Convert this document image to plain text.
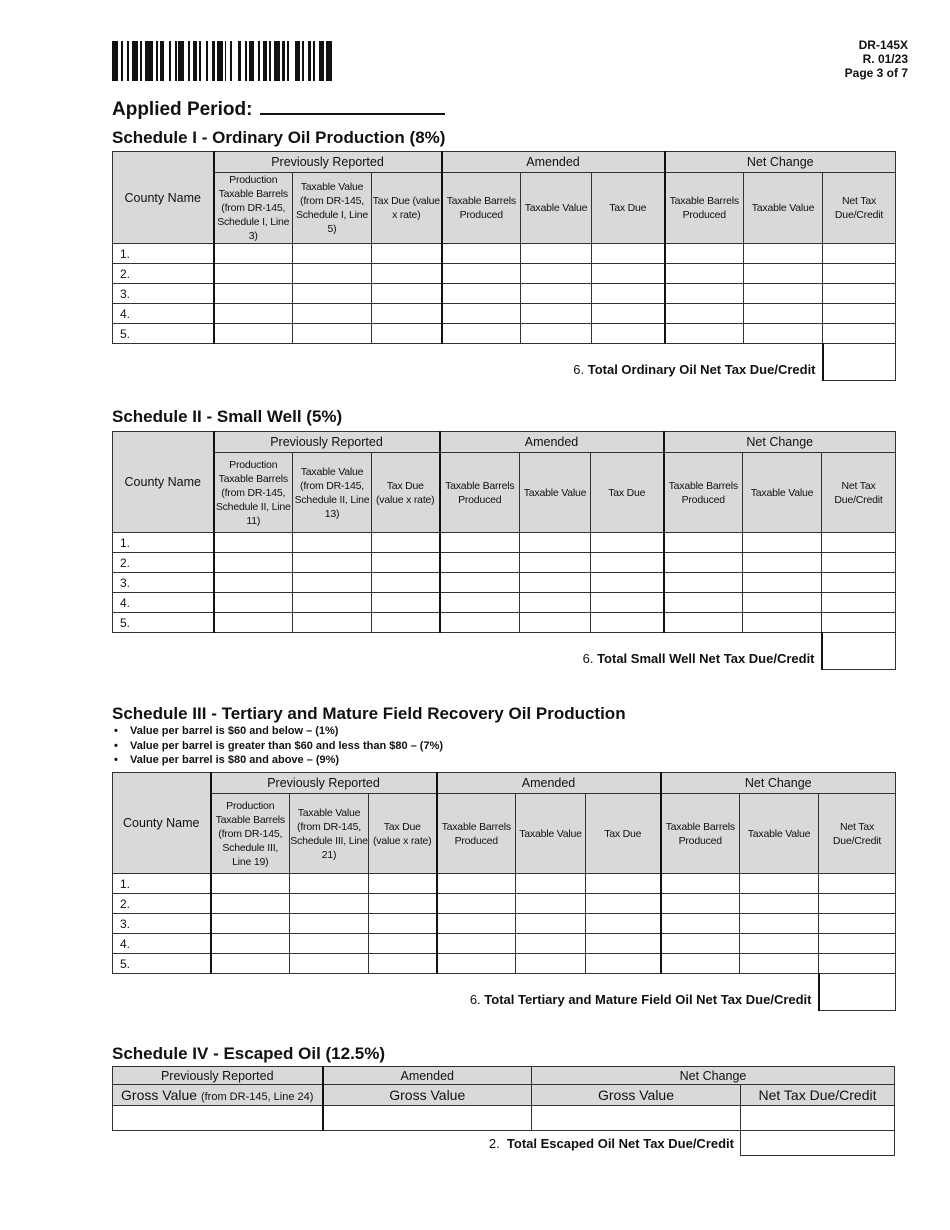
DR-145X
R. 01/23
Page 3 of 7
Applied Period:
Schedule I - Ordinary Oil Production (8%)
County Name	Previously Reported			Amended			Net Change		
	Production Taxable Barrels (from DR-145, Schedule I, Line 3)	Taxable Value (from DR-145, Schedule I, Line 5)	Tax Due (value x rate)	Taxable Barrels Produced	Taxable Value	Tax Due	Taxable Barrels Produced	Taxable Value	Net Tax Due/Credit
1.									
2.									
3.									
4.									
5.									
6. Total Ordinary Oil Net Tax Due/Credit									
Schedule II - Small Well (5%)
County Name	Previously Reported			Amended			Net Change		
	Production Taxable Barrels (from DR-145, Schedule II, Line 11)	Taxable Value (from DR-145, Schedule II, Line 13)	Tax Due (value x rate)	Taxable Barrels Produced	Taxable Value	Tax Due	Taxable Barrels Produced	Taxable Value	Net Tax Due/Credit
1.									
2.									
3.									
4.									
5.									
6. Total Small Well Net Tax Due/Credit									
Schedule III - Tertiary and Mature Field Recovery Oil Production
• Value per barrel is $60 and below – (1%)
• Value per barrel is greater than $60 and less than $80 – (7%)
• Value per barrel is $80 and above – (9%)
County Name	Previously Reported			Amended			Net Change		
	Production Taxable Barrels (from DR-145, Schedule III, Line 19)	Taxable Value (from DR-145, Schedule III, Line 21)	Tax Due (value x rate)	Taxable Barrels Produced	Taxable Value	Tax Due	Taxable Barrels Produced	Taxable Value	Net Tax Due/Credit
1.									
2.									
3.									
4.									
5.									
6. Total Tertiary and Mature Field Oil Net Tax Due/Credit									
Schedule IV - Escaped Oil (12.5%)
Previously Reported	Amended	Net Change	
Gross Value (from DR-145, Line 24)	Gross Value	Gross Value	Net Tax Due/Credit

2. Total Escaped Oil Net Tax Due/Credit			
